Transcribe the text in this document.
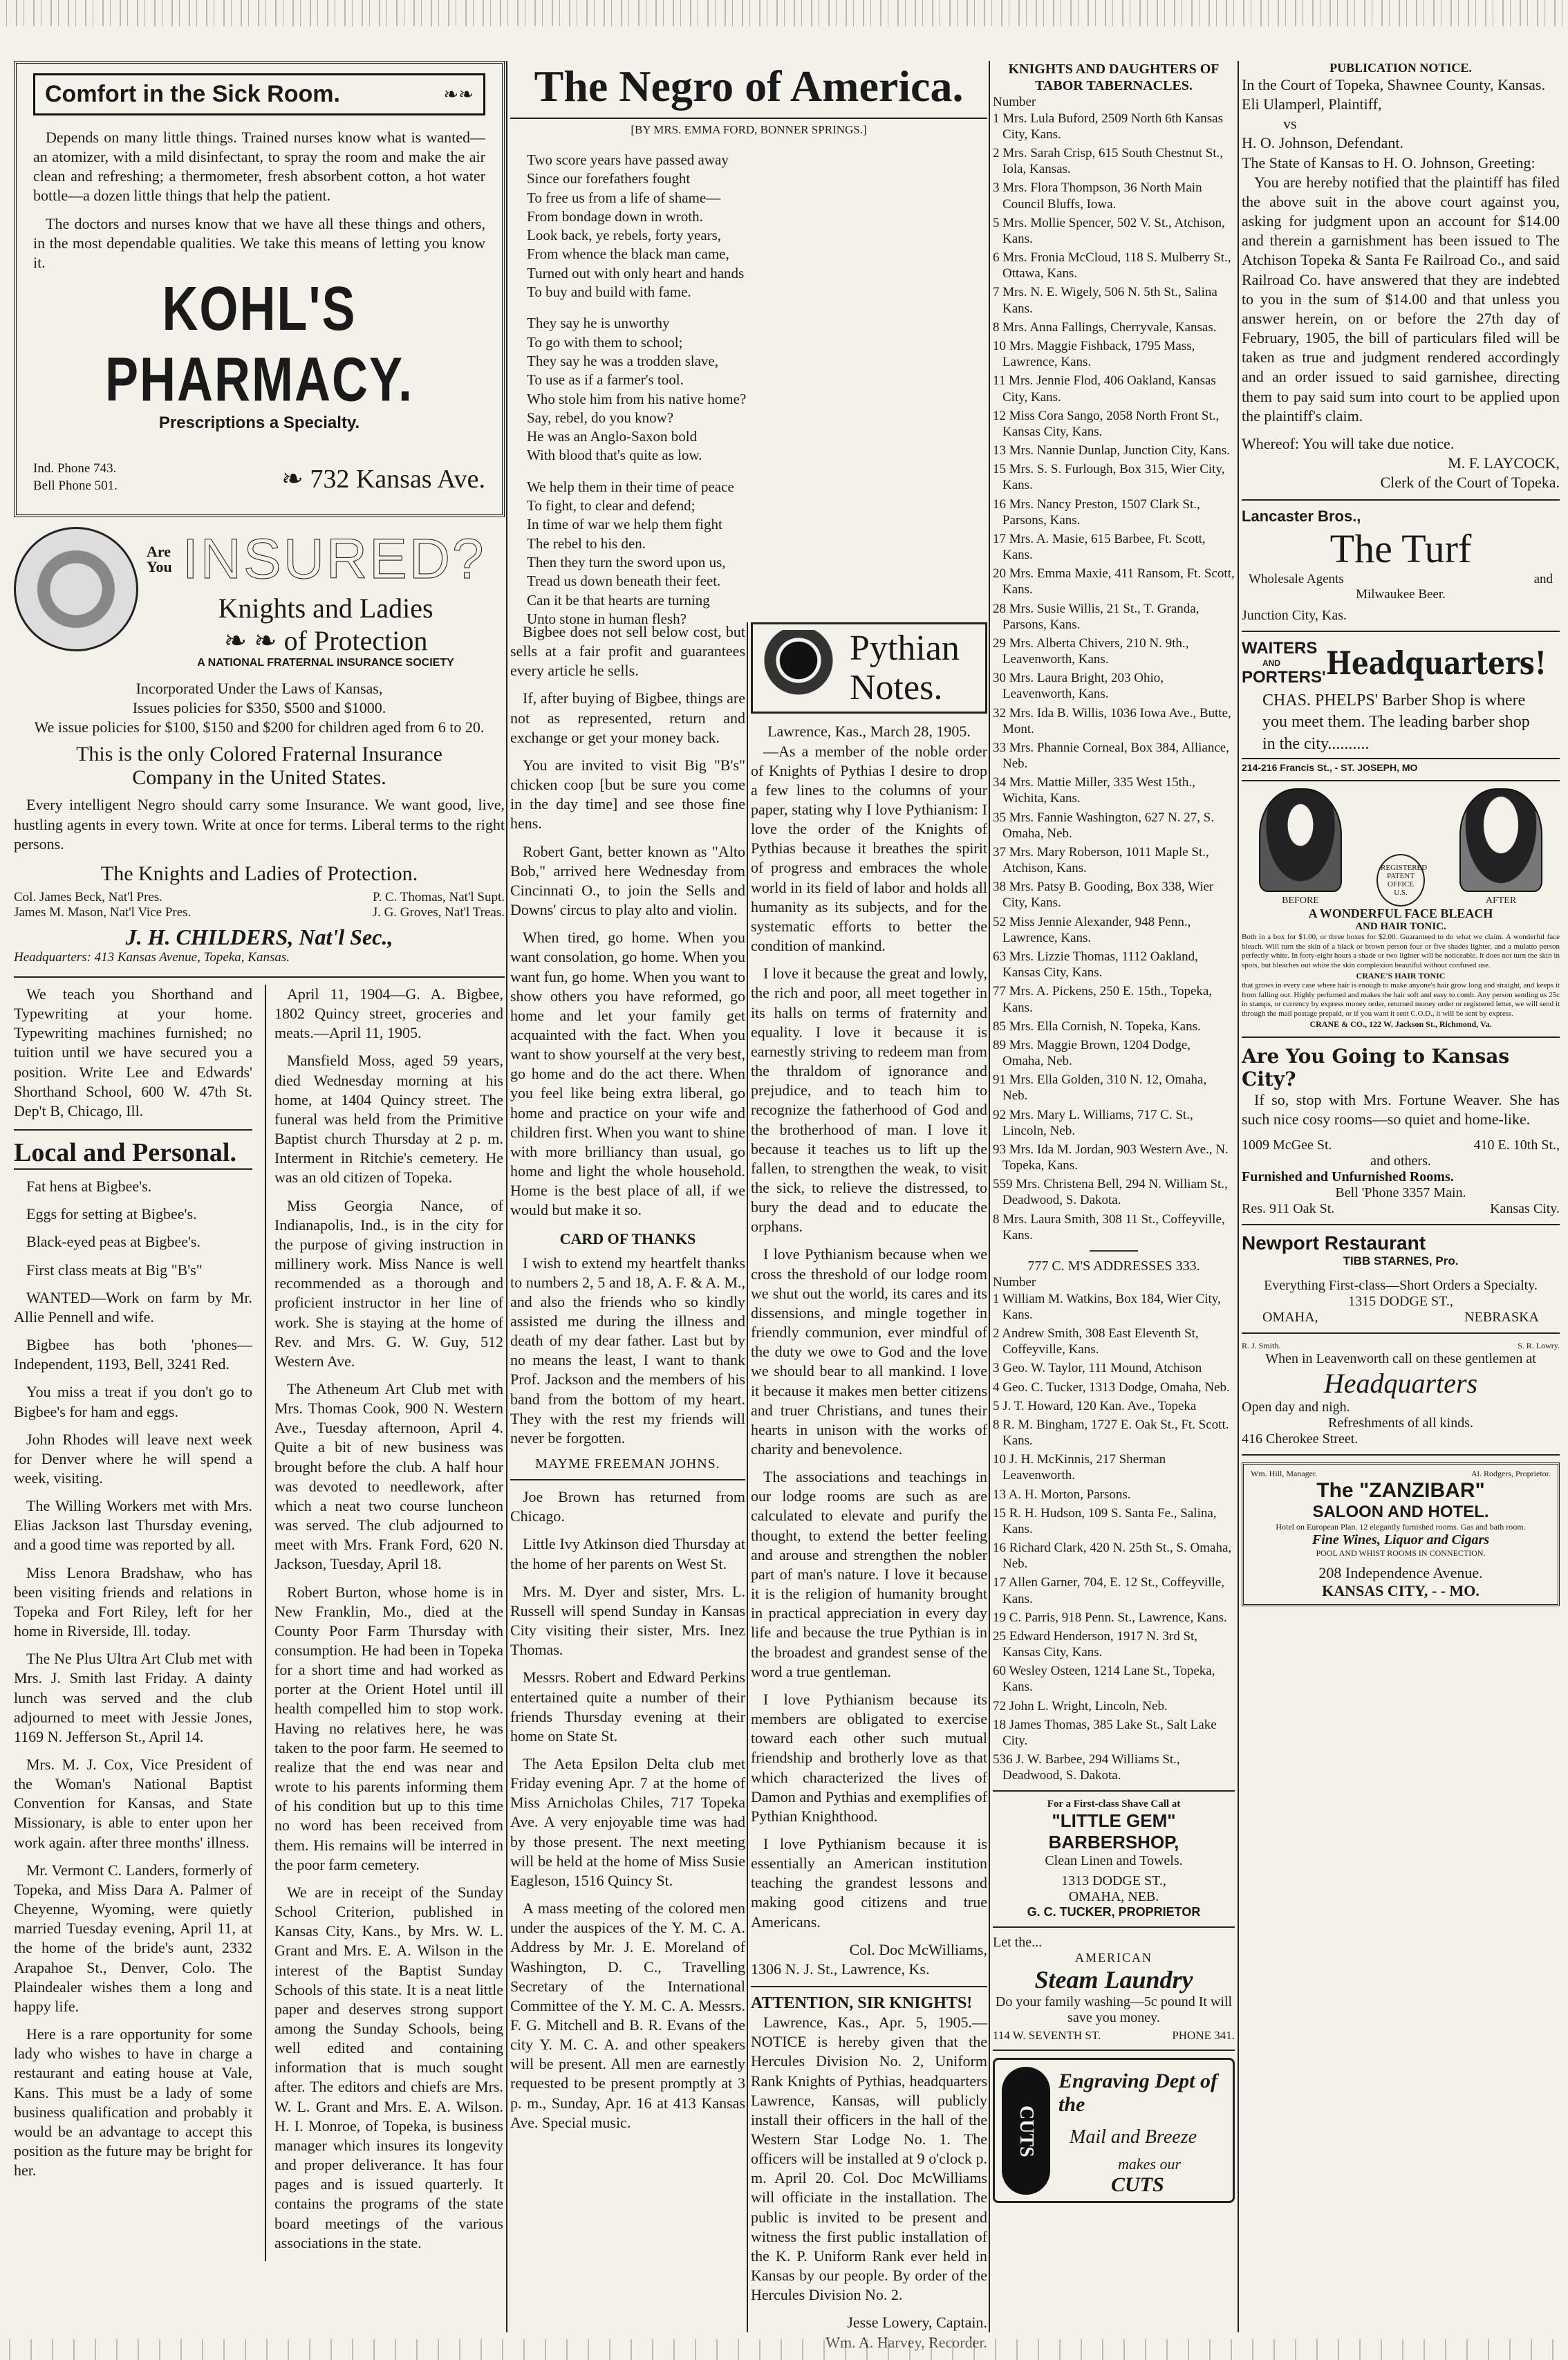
Comfort in the Sick Room.	❧❧

Depends on many little things. Trained nurses know what is wanted—an atomizer, with a mild disinfectant, to spray the room and make the air clean and refreshing; a thermometer, fresh absorbent cotton, a hot water bottle—a dozen little things that help the patient.

The doctors and nurses know that we have all these things and others, in the most dependable qualities. We take this means of letting you know it.

KOHL'S PHARMACY.
Prescriptions a Specialty.
Ind. Phone 743.
Bell Phone 501.	❧ 732 Kansas Ave.
Are You INSURED?
Knights and Ladies
❧ ❧ of Protection
A NATIONAL FRATERNAL INSURANCE SOCIETY
Incorporated Under the Laws of Kansas,
Issues policies for $350, $500 and $1000.
We issue policies for $100, $150 and $200 for children aged from 6 to 20.
This is the only Colored Fraternal Insurance Company in the United States.

Every intelligent Negro should carry some Insurance. We want good, live, hustling agents in every town. Write at once for terms. Liberal terms to the right persons.

The Knights and Ladies of Protection.
Col. James Beck, Nat'l Pres.	P. C. Thomas, Nat'l Supt.
James M. Mason, Nat'l Vice Pres.	J. G. Groves, Nat'l Treas.
J. H. CHILDERS, Nat'l Sec.,
Headquarters: 413 Kansas Avenue, Topeka, Kansas.

We teach you Shorthand and Typewriting at your home. Typewriting machines furnished; no tuition until we have secured you a position. Write Lee and Edwards' Shorthand School, 600 W. 47th St. Dep't B, Chicago, Ill.

Local and Personal.

Fat hens at Bigbee's.

Eggs for setting at Bigbee's.

Black-eyed peas at Bigbee's.

First class meats at Big "B's"

WANTED—Work on farm by Mr. Allie Pennell and wife.

Bigbee has both 'phones—Independent, 1193, Bell, 3241 Red.

You miss a treat if you don't go to Bigbee's for ham and eggs.

John Rhodes will leave next week for Denver where he will spend a week, visiting.

The Willing Workers met with Mrs. Elias Jackson last Thursday evening, and a good time was reported by all.

Miss Lenora Bradshaw, who has been visiting friends and relations in Topeka and Fort Riley, left for her home in Riverside, Ill. today.

The Ne Plus Ultra Art Club met with Mrs. J. Smith last Friday. A dainty lunch was served and the club adjourned to meet with Jessie Jones, 1169 N. Jefferson St., April 14.

Mrs. M. J. Cox, Vice President of the Woman's National Baptist Convention for Kansas, and State Missionary, is able to enter upon her work again. after three months' illness.

Mr. Vermont C. Landers, formerly of Topeka, and Miss Dara A. Palmer of Cheyenne, Wyoming, were quietly married Tuesday evening, April 11, at the home of the bride's aunt, 2332 Arapahoe St., Denver, Colo. The Plaindealer wishes them a long and happy life.

Here is a rare opportunity for some lady who wishes to have in charge a restaurant and eating house at Vale, Kans. This must be a lady of some business qualification and probably it would be an advantage to accept this position as the future may be bright for her.

April 11, 1904—G. A. Bigbee, 1802 Quincy street, groceries and meats.—April 11, 1905.

Mansfield Moss, aged 59 years, died Wednesday morning at his home, at 1404 Quincy street. The funeral was held from the Primitive Baptist church Thursday at 2 p. m. Interment in Ritchie's cemetery. He was an old citizen of Topeka.

Miss Georgia Nance, of Indianapolis, Ind., is in the city for the purpose of giving instruction in millinery work. Miss Nance is well recommended as a thorough and proficient instructor in her line of work. She is staying at the home of Rev. and Mrs. G. W. Guy, 512 Western Ave.

The Atheneum Art Club met with Mrs. Thomas Cook, 900 N. Western Ave., Tuesday afternoon, April 4. Quite a bit of new business was brought before the club. A half hour was devoted to needlework, after which a neat two course luncheon was served. The club adjourned to meet with Mrs. Frank Ford, 620 N. Jackson, Tuesday, April 18.

Robert Burton, whose home is in New Franklin, Mo., died at the County Poor Farm Thursday with consumption. He had been in Topeka for a short time and had worked as porter at the Orient Hotel until ill health compelled him to stop work. Having no relatives here, he was taken to the poor farm. He seemed to realize that the end was near and wrote to his parents informing them of his condition but up to this time no word has been received from them. His remains will be interred in the poor farm cemetery.

We are in receipt of the Sunday School Criterion, published in Kansas City, Kans., by Mrs. W. L. Grant and Mrs. E. A. Wilson in the interest of the Baptist Sunday Schools of this state. It is a neat little paper and deserves strong support among the Sunday Schools, being well edited and containing information that is much sought after. The editors and chiefs are Mrs. W. L. Grant and Mrs. E. A. Wilson. H. I. Monroe, of Topeka, is business manager which insures its longevity and proper deliverance. It has four pages and is issued quarterly. It contains the programs of the state board meetings of the various associations in the state.

The Negro of America.
[BY MRS. EMMA FORD, BONNER SPRINGS.]
Two score years have passed away
Since our forefathers fought
To free us from a life of shame—
From bondage down in wroth.
Look back, ye rebels, forty years,
From whence the black man came,
Turned out with only heart and hands
To buy and build with fame.
They say he is unworthy
To go with them to school;
They say he was a trodden slave,
To use as if a farmer's tool.
Who stole him from his native home?
Say, rebel, do you know?
He was an Anglo-Saxon bold
With blood that's quite as low.
We help them in their time of peace
To fight, to clear and defend;
In time of war we help them fight
The rebel to his den.
Then they turn the sword upon us,
Tread us down beneath their feet.
Can it be that hearts are turning
Unto stone in human flesh?

Bigbee does not sell below cost, but sells at a fair profit and guarantees every article he sells.

If, after buying of Bigbee, things are not as represented, return and exchange or get your money back.

You are invited to visit Big "B's" chicken coop [but be sure you come in the day time] and see those fine hens.

Robert Gant, better known as "Alto Bob," arrived here Wednesday from Cincinnati O., to join the Sells and Downs' circus to play alto and violin.

When tired, go home. When you want consolation, go home. When you want fun, go home. When you want to show others you have reformed, go home and let your family get acquainted with the fact. When you want to show yourself at the very best, go home and do the act there. When you feel like being extra liberal, go home and practice on your wife and children first. When you want to shine with more brilliancy than usual, go home and light the whole household. Home is the best place of all, if we would but make it so.

CARD OF THANKS

I wish to extend my heartfelt thanks to numbers 2, 5 and 18, A. F. & A. M., and also the friends who so kindly assisted me during the illness and death of my dear father. Last but by no means the least, I want to thank Prof. Jackson and the members of his band from the bottom of my heart. They with the rest my friends will never be forgotten.

MAYME FREEMAN JOHNS.

Joe Brown has returned from Chicago.

Little Ivy Atkinson died Thursday at the home of her parents on West St.

Mrs. M. Dyer and sister, Mrs. L. Russell will spend Sunday in Kansas City visiting their sister, Mrs. Inez Thomas.

Messrs. Robert and Edward Perkins entertained quite a number of their friends Thursday evening at their home on State St.

The Aeta Epsilon Delta club met Friday evening Apr. 7 at the home of Miss Arnicholas Chiles, 717 Topeka Ave. A very enjoyable time was had by those present. The next meeting will be held at the home of Miss Susie Eagleson, 1516 Quincy St.

A mass meeting of the colored men under the auspices of the Y. M. C. A. Address by Mr. J. E. Moreland of Washington, D. C., Travelling Secretary of the International Committee of the Y. M. C. A. Messrs. F. G. Mitchell and B. R. Evans of the city Y. M. C. A. and other speakers will be present. All men are earnestly requested to be present promptly at 3 p. m., Sunday, Apr. 16 at 413 Kansas Ave. Special music.

Pythian Notes.
Lawrence, Kas., March 28, 1905.

—As a member of the noble order of Knights of Pythias I desire to drop a few lines to the columns of your paper, stating why I love Pythianism: I love the order of the Knights of Pythias because it breathes the spirit of progress and embraces the whole world in its field of labor and holds all humanity as its subjects, and for the systematic efforts to better the condition of mankind.

I love it because the great and lowly, the rich and poor, all meet together in its halls on terms of fraternity and equality. I love it because it is earnestly striving to redeem man from the thraldom of ignorance and prejudice, and to teach him to recognize the fatherhood of God and the brotherhood of man. I love it because it teaches us to lift up the fallen, to strengthen the weak, to visit the sick, to relieve the distressed, to bury the dead and to educate the orphans.

I love Pythianism because when we cross the threshold of our lodge room we shut out the world, its cares and its dissensions, and mingle together in friendly communion, ever mindful of the duty we owe to God and the love we should bear to all mankind. I love it because it makes men better citizens and truer Christians, and tunes their hearts in unison with the works of charity and benevolence.

The associations and teachings in our lodge rooms are such as are calculated to elevate and purify the thought, to extend the better feeling and arouse and strengthen the nobler part of man's nature. I love it because it is the religion of humanity brought in practical appreciation in every day life and because the true Pythian is in the broadest and grandest sense of the word a true gentleman.

I love Pythianism because its members are obligated to exercise toward each other such mutual friendship and brotherly love as that which characterized the lives of Damon and Pythias and exemplifies of Pythian Knighthood.

I love Pythianism because it is essentially an American institution teaching the grandest lessons and making good citizens and true Americans.

Col. Doc McWilliams,
1306 N. J. St., Lawrence, Ks.
ATTENTION, SIR KNIGHTS!

Lawrence, Kas., Apr. 5, 1905.—NOTICE is hereby given that the Hercules Division No. 2, Uniform Rank Knights of Pythias, headquarters Lawrence, Kansas, will publicly install their officers in the hall of the Western Star Lodge No. 1. The officers will be installed at 9 o'clock p. m. April 20. Col. Doc McWilliams will officiate in the installation. The public is invited to be present and witness the first public installation of the K. P. Uniform Rank ever held in Kansas by our people. By order of the Hercules Division No. 2.

Jesse Lowery, Captain.
Wm. A. Harvey, Recorder.
KNIGHTS AND DAUGHTERS OF TABOR TABERNACLES.
Number
1 Mrs. Lula Buford, 2509 North 6th Kansas City, Kans.
2 Mrs. Sarah Crisp, 615 South Chestnut St., Iola, Kansas.
3 Mrs. Flora Thompson, 36 North Main Council Bluffs, Iowa.
5 Mrs. Mollie Spencer, 502 V. St., Atchison, Kans.
6 Mrs. Fronia McCloud, 118 S. Mulberry St., Ottawa, Kans.
7 Mrs. N. E. Wigely, 506 N. 5th St., Salina Kans.
8 Mrs. Anna Fallings, Cherryvale, Kansas.
10 Mrs. Maggie Fishback, 1795 Mass, Lawrence, Kans.
11 Mrs. Jennie Flod, 406 Oakland, Kansas City, Kans.
12 Miss Cora Sango, 2058 North Front St., Kansas City, Kans.
13 Mrs. Nannie Dunlap, Junction City, Kans.
15 Mrs. S. S. Furlough, Box 315, Wier City, Kans.
16 Mrs. Nancy Preston, 1507 Clark St., Parsons, Kans.
17 Mrs. A. Masie, 615 Barbee, Ft. Scott, Kans.
20 Mrs. Emma Maxie, 411 Ransom, Ft. Scott, Kans.
28 Mrs. Susie Willis, 21 St., T. Granda, Parsons, Kans.
29 Mrs. Alberta Chivers, 210 N. 9th., Leavenworth, Kans.
30 Mrs. Laura Bright, 203 Ohio, Leavenworth, Kans.
32 Mrs. Ida B. Willis, 1036 Iowa Ave., Butte, Mont.
33 Mrs. Phannie Corneal, Box 384, Alliance, Neb.
34 Mrs. Mattie Miller, 335 West 15th., Wichita, Kans.
35 Mrs. Fannie Washington, 627 N. 27, S. Omaha, Neb.
37 Mrs. Mary Roberson, 1011 Maple St., Atchison, Kans.
38 Mrs. Patsy B. Gooding, Box 338, Wier City, Kans.
52 Miss Jennie Alexander, 948 Penn., Lawrence, Kans.
63 Mrs. Lizzie Thomas, 1112 Oakland, Kansas City, Kans.
77 Mrs. A. Pickens, 250 E. 15th., Topeka, Kans.
85 Mrs. Ella Cornish, N. Topeka, Kans.
89 Mrs. Maggie Brown, 1204 Dodge, Omaha, Neb.
91 Mrs. Ella Golden, 310 N. 12, Omaha, Neb.
92 Mrs. Mary L. Williams, 717 C. St., Lincoln, Neb.
93 Mrs. Ida M. Jordan, 903 Western Ave., N. Topeka, Kans.
559 Mrs. Christena Bell, 294 N. William St., Deadwood, S. Dakota.
8 Mrs. Laura Smith, 308 11 St., Coffeyville, Kans.
777 C. M'S ADDRESSES 333.
Number
1 William M. Watkins, Box 184, Wier City, Kans.
2 Andrew Smith, 308 East Eleventh St, Coffeyville, Kans.
3 Geo. W. Taylor, 111 Mound, Atchison
4 Geo. C. Tucker, 1313 Dodge, Omaha, Neb.
5 J. T. Howard, 120 Kan. Ave., Topeka
8 R. M. Bingham, 1727 E. Oak St., Ft. Scott. Kans.
10 J. H. McKinnis, 217 Sherman Leavenworth.
13 A. H. Morton, Parsons.
15 R. H. Hudson, 109 S. Santa Fe., Salina, Kans.
16 Richard Clark, 420 N. 25th St., S. Omaha, Neb.
17 Allen Garner, 704, E. 12 St., Coffeyville, Kans.
19 C. Parris, 918 Penn. St., Lawrence, Kans.
25 Edward Henderson, 1917 N. 3rd St, Kansas City, Kans.
60 Wesley Osteen, 1214 Lane St., Topeka, Kans.
72 John L. Wright, Lincoln, Neb.
18 James Thomas, 385 Lake St., Salt Lake City.
536 J. W. Barbee, 294 Williams St., Deadwood, S. Dakota.
For a First-class Shave Call at
"LITTLE GEM" BARBERSHOP,
Clean Linen and Towels.
1313 DODGE ST.,
OMAHA, NEB.
G. C. TUCKER, PROPRIETOR
Let the...
AMERICAN
Steam Laundry
Do your family washing—5c pound It will save you money.
114 W. SEVENTH ST.	PHONE 341.
CUTS
Engraving Dept of the
Mail and Breeze
makes our
CUTS
PUBLICATION NOTICE.
In the Court of Topeka, Shawnee County, Kansas.
Eli Ulamperl, Plaintiff,
vs
H. O. Johnson, Defendant.
The State of Kansas to H. O. Johnson, Greeting:

You are hereby notified that the plaintiff has filed the above suit in the above court against you, asking for judgment upon an account for $14.00 and therein a garnishment has been issued to The Atchison Topeka & Santa Fe Railroad Co., and said Railroad Co. have answered that they are indebted to you in the sum of $14.00 and that unless you answer herein, on or before the 27th day of February, 1905, the bill of particulars filed will be taken as true and judgment rendered accordingly and an order issued to said garnishee, directing them to pay said sum into court to be applied upon the plaintiff's claim.

Whereof: You will take due notice.
M. F. LAYCOCK,
Clerk of the Court of Topeka.
Lancaster Bros.,
The Turf
Wholesale Agents	and
Milwaukee Beer.
Junction City, Kas.
WAITERS
AND
PORTERS' Headquarters!
CHAS. PHELPS' Barber Shop is where you meet them. The leading barber shop in the city..........
214-216 Francis St., - ST. JOSEPH, MO
BEFORE
REGISTERED PATENT OFFICE U.S.
AFTER
A WONDERFUL FACE BLEACH
AND HAIR TONIC.
Both in a box for $1.00, or three boxes for $2.00. Guaranteed to do what we claim. A wonderful face bleach. Will turn the skin of a black or brown person four or five shades lighter, and a mulatto person perfectly white. In forty-eight hours a shade or two lighter will be noticeable. It does not turn the skin in spots, but bleaches out white the skin complexion beautiful without confused use.
CRANE'S HAIR TONIC
that grows in every case where hair is enough to make anyone's hair grow long and straight, and keeps it from falling out. Highly perfumed and makes the hair soft and easy to comb. Any person sending us 25c in stamps, or currency by express money order, returned money order or registered letter, we will send it through the mail postage prepaid, or if you want it sent C.O.D., it will be sent by express.
CRANE & CO., 122 W. Jackson St., Richmond, Va.
Are You Going to Kansas City?

If so, stop with Mrs. Fortune Weaver. She has such nice cosy rooms—so quiet and home-like.

1009 McGee St.	410 E. 10th St.,
and others.
Furnished and Unfurnished Rooms.
Bell 'Phone 3357 Main.
Res. 911 Oak St.	Kansas City.
Newport Restaurant
TIBB STARNES, Pro.
Everything First-class—Short Orders a Specialty.
1315 DODGE ST.,
OMAHA,	NEBRASKA
R. J. Smith.	S. R. Lowry.
When in Leavenworth call on these gentlemen at
Headquarters
Open day and nigh.
Refreshments of all kinds.
416 Cherokee Street.
Wm. Hill, Manager.	Al. Rodgers, Proprietor.
The "ZANZIBAR"
SALOON AND HOTEL.
Hotel on European Plan. 12 elegantly furnished rooms. Gas and bath room.
Fine Wines, Liquor and Cigars
POOL AND WHIST ROOMS IN CONNECTION.
208 Independence Avenue.
KANSAS CITY, - - MO.
